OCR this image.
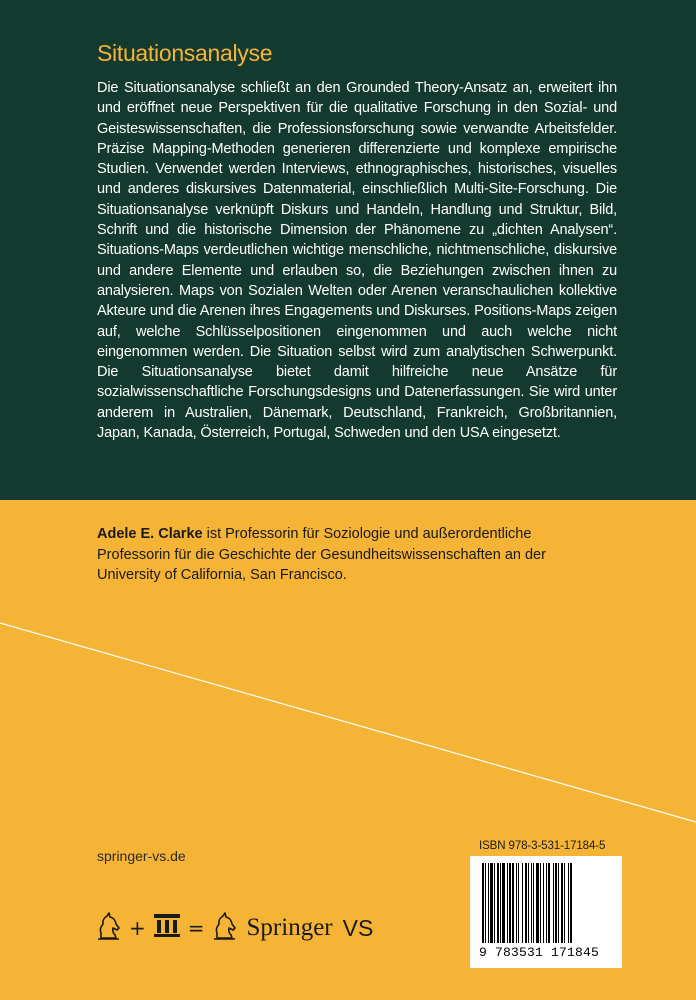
Situationsanalyse
Die Situationsanalyse schließt an den Grounded Theory-Ansatz an, erweitert ihn und eröffnet neue Perspektiven für die qualitative Forschung in den Sozial- und Geisteswissenschaften, die Professionsforschung sowie verwandte Arbeitsfelder. Präzise Mapping-Methoden generieren differenzierte und komplexe empirische Studien. Verwendet werden Interviews, ethnographisches, historisches, visuelles und anderes diskursives Datenmaterial, einschließlich Multi-Site-Forschung. Die Situationsanalyse verknüpft Diskurs und Handeln, Handlung und Struktur, Bild, Schrift und die historische Dimension der Phänomene zu „dichten Analysen“. Situations-Maps verdeutlichen wichtige menschliche, nichtmenschliche, diskursive und andere Elemente und erlauben so, die Beziehungen zwischen ihnen zu analysieren. Maps von Sozialen Welten oder Arenen veranschaulichen kollektive Akteure und die Arenen ihres Engagements und Diskurses. Positions-Maps zeigen auf, welche Schlüsselpositionen eingenommen und auch welche nicht eingenommen werden. Die Situation selbst wird zum analytischen Schwerpunkt. Die Situationsanalyse bietet damit hilfreiche neue Ansätze für sozialwissenschaftliche Forschungsdesigns und Datenerfassungen. Sie wird unter anderem in Australien, Dänemark, Deutschland, Frankreich, Großbritannien, Japan, Kanada, Österreich, Portugal, Schweden und den USA eingesetzt.
Adele E. Clarke ist Professorin für Soziologie und außerordentliche Professorin für die Geschichte der Gesundheitswissenschaften an der University of California, San Francisco.
springer-vs.de
+ = Springer VS
ISBN 978-3-531-17184-5
9 783531 171845
